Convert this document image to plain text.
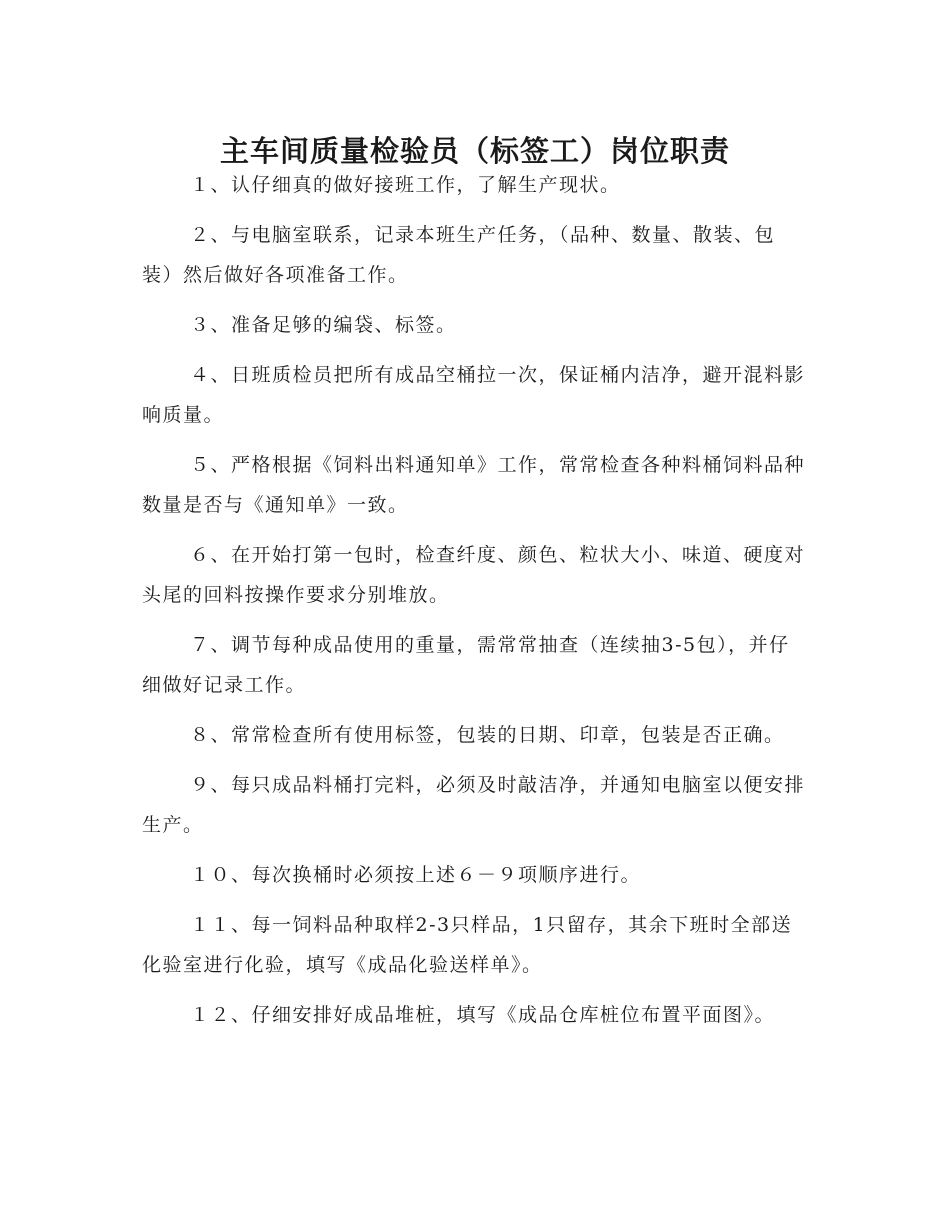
主车间质量检验员（标签工）岗位职责

１、认仔细真的做好接班工作，了解生产现状。

２、与电脑室联系，记录本班生产任务，（品种、数量、散装、包装）然后做好各项准备工作。

３、准备足够的编袋、标签。

４、日班质检员把所有成品空桶拉一次，保证桶内洁净，避开混料影响质量。

５、严格根据《饲料出料通知单》工作，常常检查各种料桶饲料品种数量是否与《通知单》一致。

６、在开始打第一包时，检查纤度、颜色、粒状大小、味道、硬度对头尾的回料按操作要求分别堆放。

７、调节每种成品使用的重量，需常常抽查（连续抽3-5包），并仔细做好记录工作。

８、常常检查所有使用标签，包装的日期、印章，包装是否正确。

９、每只成品料桶打完料，必须及时敲洁净，并通知电脑室以便安排生产。

１０、每次换桶时必须按上述６－９项顺序进行。

１１、每一饲料品种取样2-3只样品，1只留存，其余下班时全部送化验室进行化验，填写《成品化验送样单》。

１２、仔细安排好成品堆桩，填写《成品仓库桩位布置平面图》。
